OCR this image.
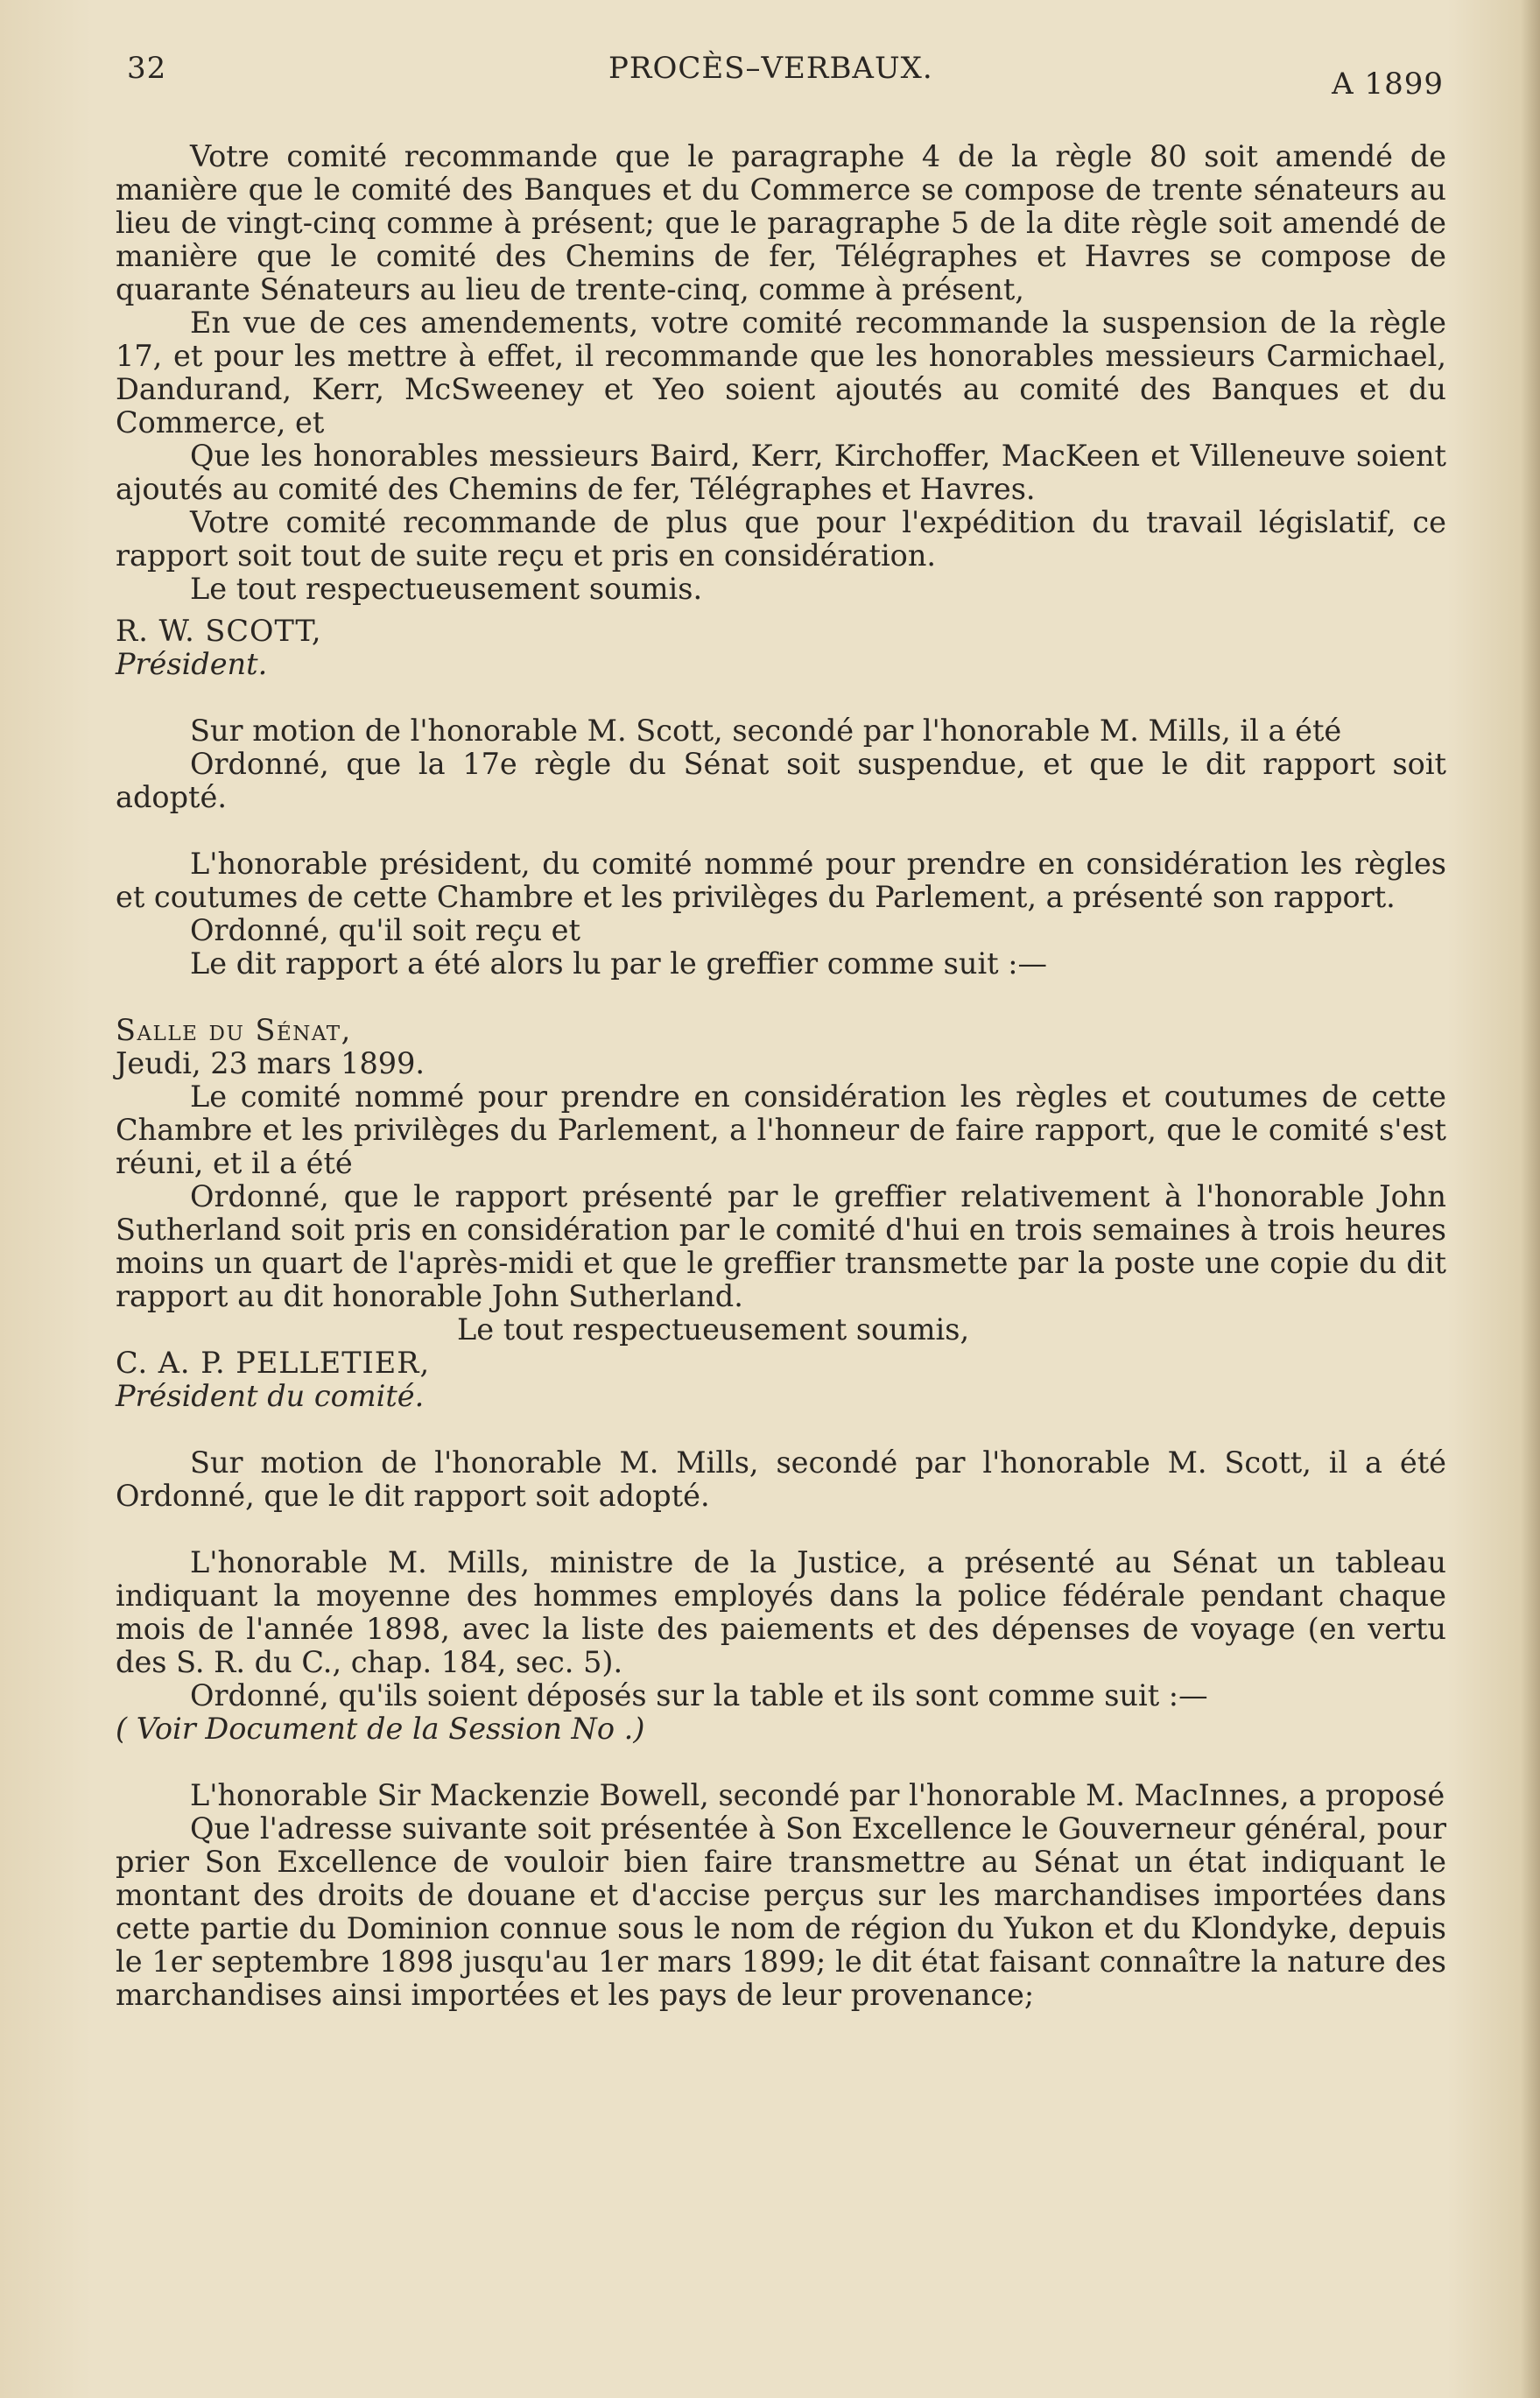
32	PROCÈS–VERBAUX.	A 1899

Votre comité recommande que le paragraphe 4 de la règle 80 soit amendé de manière que le comité des Banques et du Commerce se compose de trente sénateurs au lieu de vingt-cinq comme à présent; que le paragraphe 5 de la dite règle soit amendé de manière que le comité des Chemins de fer, Télégraphes et Havres se compose de quarante Sénateurs au lieu de trente-cinq, comme à présent,

En vue de ces amendements, votre comité recommande la suspension de la règle 17, et pour les mettre à effet, il recommande que les honorables messieurs Carmichael, Dandurand, Kerr, McSweeney et Yeo soient ajoutés au comité des Banques et du Commerce, et

Que les honorables messieurs Baird, Kerr, Kirchoffer, MacKeen et Villeneuve soient ajoutés au comité des Chemins de fer, Télégraphes et Havres.

Votre comité recommande de plus que pour l'expédition du travail législatif, ce rapport soit tout de suite reçu et pris en considération.

Le tout respectueusement soumis.

R. W. SCOTT,

Président.

Sur motion de l'honorable M. Scott, secondé par l'honorable M. Mills, il a été

Ordonné, que la 17e règle du Sénat soit suspendue, et que le dit rapport soit adopté.

L'honorable président, du comité nommé pour prendre en considération les règles et coutumes de cette Chambre et les privilèges du Parlement, a présenté son rapport.

Ordonné, qu'il soit reçu et

Le dit rapport a été alors lu par le greffier comme suit :—

Salle du Sénat,

Jeudi, 23 mars 1899.

Le comité nommé pour prendre en considération les règles et coutumes de cette Chambre et les privilèges du Parlement, a l'honneur de faire rapport, que le comité s'est réuni, et il a été

Ordonné, que le rapport présenté par le greffier relativement à l'honorable John Sutherland soit pris en considération par le comité d'hui en trois semaines à trois heures moins un quart de l'après-midi et que le greffier transmette par la poste une copie du dit rapport au dit honorable John Sutherland.

Le tout respectueusement soumis,

C. A. P. PELLETIER,

Président du comité.

Sur motion de l'honorable M. Mills, secondé par l'honorable M. Scott, il a été Ordonné, que le dit rapport soit adopté.

L'honorable M. Mills, ministre de la Justice, a présenté au Sénat un tableau indiquant la moyenne des hommes employés dans la police fédérale pendant chaque mois de l'année 1898, avec la liste des paiements et des dépenses de voyage (en vertu des S. R. du C., chap. 184, sec. 5).

Ordonné, qu'ils soient déposés sur la table et ils sont comme suit :—

( Voir Document de la Session No .)

L'honorable Sir Mackenzie Bowell, secondé par l'honorable M. MacInnes, a proposé

Que l'adresse suivante soit présentée à Son Excellence le Gouverneur général, pour prier Son Excellence de vouloir bien faire transmettre au Sénat un état indiquant le montant des droits de douane et d'accise perçus sur les marchandises importées dans cette partie du Dominion connue sous le nom de région du Yukon et du Klondyke, depuis le 1er septembre 1898 jusqu'au 1er mars 1899; le dit état faisant connaître la nature des marchandises ainsi importées et les pays de leur provenance;
